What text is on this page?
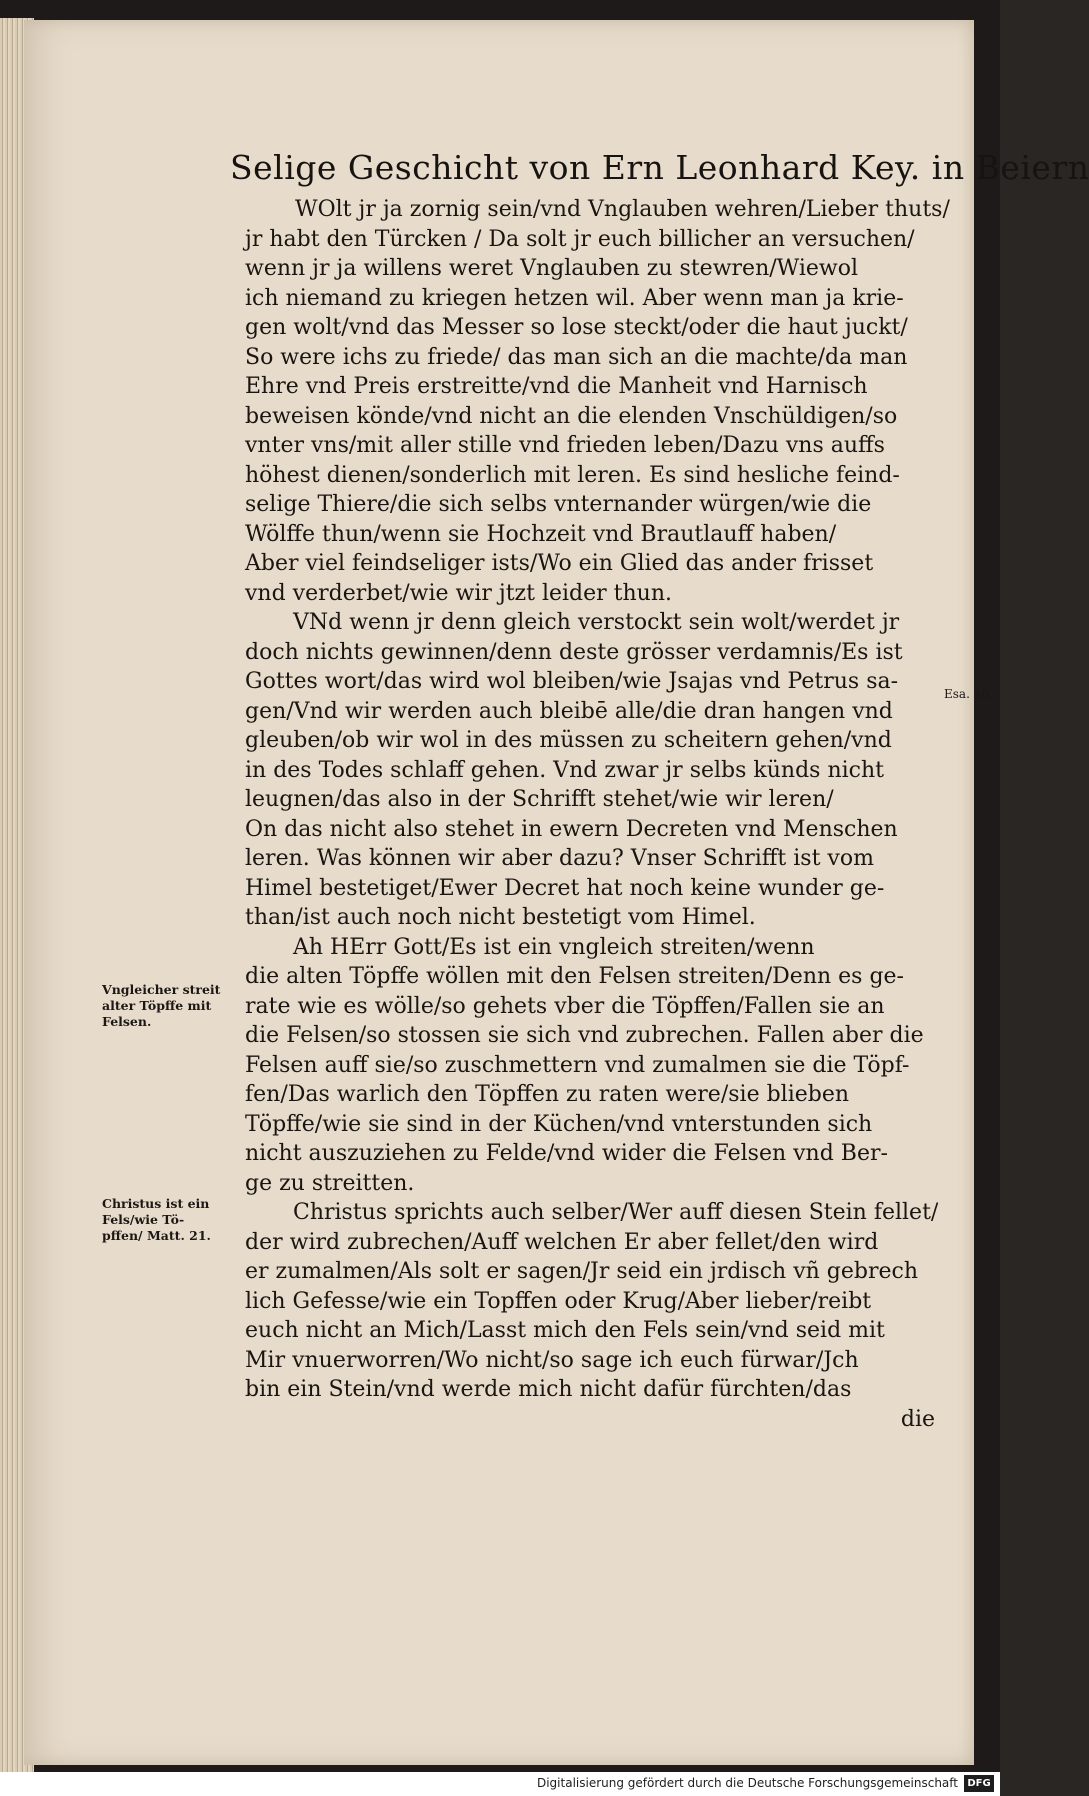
Selige Geschicht von Ern Leonhard Key. in Beiern
WOlt jr ja zornig sein/vnd Vnglauben wehren/Lieber thuts/
jr habt den Türcken / Da solt jr euch billicher an versuchen/
wenn jr ja willens weret Vnglauben zu stewren/Wiewol
ich niemand zu kriegen hetzen wil. Aber wenn man ja krie-
gen wolt/vnd das Messer so lose steckt/oder die haut juckt/
So were ichs zu friede/ das man sich an die machte/da man
Ehre vnd Preis erstreitte/vnd die Manheit vnd Harnisch
beweisen könde/vnd nicht an die elenden Vnschüldigen/so
vnter vns/mit aller stille vnd frieden leben/Dazu vns auffs
höhest dienen/sonderlich mit leren. Es sind hesliche feind-
selige Thiere/die sich selbs vnternander würgen/wie die
Wölffe thun/wenn sie Hochzeit vnd Brautlauff haben/
Aber viel feindseliger ists/Wo ein Glied das ander frisset
vnd verderbet/wie wir jtzt leider thun.
VNd wenn jr denn gleich verstockt sein wolt/werdet jr
doch nichts gewinnen/denn deste grösser verdamnis/Es ist
Gottes wort/das wird wol bleiben/wie Jsajas vnd Petrus sa-
gen/Vnd wir werden auch bleibē alle/die dran hangen vnd
gleuben/ob wir wol in des müssen zu scheitern gehen/vnd
in des Todes schlaff gehen. Vnd zwar jr selbs künds nicht
leugnen/das also in der Schrifft stehet/wie wir leren/
On das nicht also stehet in ewern Decreten vnd Menschen
leren. Was können wir aber dazu? Vnser Schrifft ist vom
Himel bestetiget/Ewer Decret hat noch keine wunder ge-
than/ist auch noch nicht bestetigt vom Himel.
Ah HErr Gott/Es ist ein vngleich streiten/wenn
die alten Töpffe wöllen mit den Felsen streiten/Denn es ge-
rate wie es wölle/so gehets vber die Töpffen/Fallen sie an
die Felsen/so stossen sie sich vnd zubrechen. Fallen aber die
Felsen auff sie/so zuschmettern vnd zumalmen sie die Töpf-
fen/Das warlich den Töpffen zu raten were/sie blieben
Töpffe/wie sie sind in der Küchen/vnd vnterstunden sich
nicht auszuziehen zu Felde/vnd wider die Felsen vnd Ber-
ge zu streitten.
Christus sprichts auch selber/Wer auff diesen Stein fellet/
der wird zubrechen/Auff welchen Er aber fellet/den wird
er zumalmen/Als solt er sagen/Jr seid ein jrdisch vñ gebrech
lich Gefesse/wie ein Topffen oder Krug/Aber lieber/reibt
euch nicht an Mich/Lasst mich den Fels sein/vnd seid mit
Mir vnuerworren/Wo nicht/so sage ich euch fürwar/Jch
bin ein Stein/vnd werde mich nicht dafür fürchten/das
die
Vngleicher streit
alter Töpffe mit
Felsen.
Christus ist ein
Fels/wie Tö-
pffen/ Matt. 21.
Esa. 40.
Digitalisierung gefördert durch die Deutsche Forschungsgemeinschaft DFG
